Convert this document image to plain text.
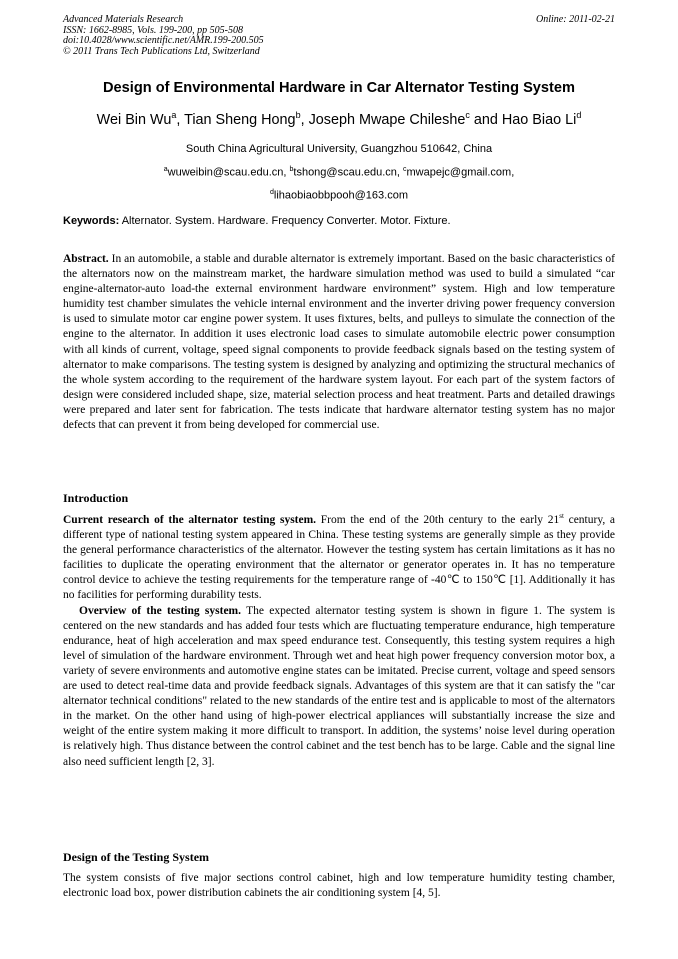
Advanced Materials Research
ISSN: 1662-8985, Vols. 199-200, pp 505-508
doi:10.4028/www.scientific.net/AMR.199-200.505
© 2011 Trans Tech Publications Ltd, Switzerland
Online: 2011-02-21
Design of Environmental Hardware in Car Alternator Testing System
Wei Bin Wu$^a$, Tian Sheng Hong$^b$, Joseph Mwape Chileshe$^c$ and Hao Biao Li$^d$
South China Agricultural University, Guangzhou 510642, China
$^a$wuweibin@scau.edu.cn, $^b$tshong@scau.edu.cn, $^c$mwapejc@gmail.com,
$^d$lihaobiaobbpooh@163.com
Keywords: Alternator. System. Hardware. Frequency Converter. Motor. Fixture.

Abstract. In an automobile, a stable and durable alternator is extremely important. Based on the basic characteristics of the alternators now on the mainstream market, the hardware simulation method was used to build a simulated “car engine-alternator-auto load-the external environment hardware environment” system. High and low temperature humidity test chamber simulates the vehicle internal environment and the inverter driving power frequency conversion is used to simulate motor car engine power system. It uses fixtures, belts, and pulleys to simulate the connection of the engine to the alternator. In addition it uses electronic load cases to simulate automobile electric power consumption with all kinds of current, voltage, speed signal components to provide feedback signals based on the testing system of alternator to make comparisons. The testing system is designed by analyzing and optimizing the structural mechanics of the whole system according to the requirement of the hardware system layout. For each part of the system factors of design were considered included shape, size, material selection process and heat treatment. Parts and detailed drawings were prepared and later sent for fabrication. The tests indicate that hardware alternator testing system has no major defects that can prevent it from being developed for commercial use.

Introduction

Current research of the alternator testing system. From the end of the 20th century to the early 21st century, a different type of national testing system appeared in China. These testing systems are generally simple as they provide the general performance characteristics of the alternator. However the testing system has certain limitations as it has no facilities to duplicate the operating environment that the alternator or generator operates in. It has no temperature control device to achieve the testing requirements for the temperature range of -40℃ to 150℃ [1]. Additionally it has no facilities for performing durability tests.

Overview of the testing system. The expected alternator testing system is shown in figure 1. The system is centered on the new standards and has added four tests which are fluctuating temperature endurance, high temperature endurance, heat of high acceleration and max speed endurance test. Consequently, this testing system requires a high level of simulation of the hardware environment. Through wet and heat high power frequency conversion motor box, a variety of severe environments and automotive engine states can be imitated. Precise current, voltage and speed sensors are used to detect real-time data and provide feedback signals. Advantages of this system are that it can satisfy the "car alternator technical conditions" related to the new standards of the entire test and is applicable to most of the alternators in the market. On the other hand using of high-power electrical appliances will substantially increase the size and weight of the entire system making it more difficult to transport. In addition, the systems’ noise level during operation is relatively high. Thus distance between the control cabinet and the test bench has to be large. Cable and the signal line also need sufficient length [2, 3].

Design of the Testing System

The system consists of five major sections control cabinet, high and low temperature humidity testing chamber, electronic load box, power distribution cabinets the air conditioning system [4, 5].
